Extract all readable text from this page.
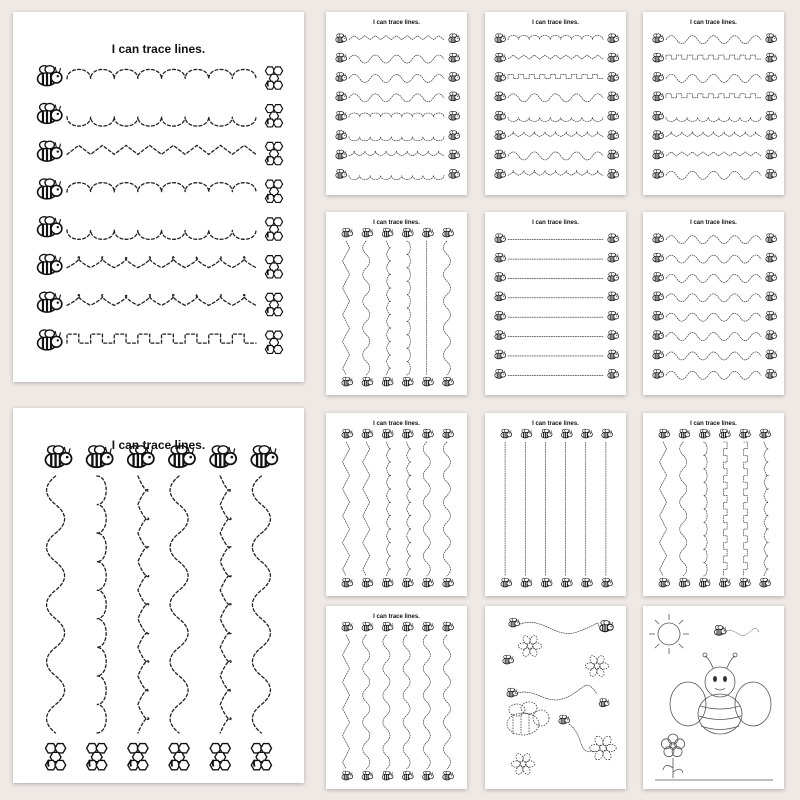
I can trace lines.
I can trace lines.
I can trace lines.	I can trace lines.	I can trace lines.
I can trace lines.	I can trace lines.	I can trace lines.
I can trace lines.	I can trace lines.	I can trace lines.
I can trace lines.
